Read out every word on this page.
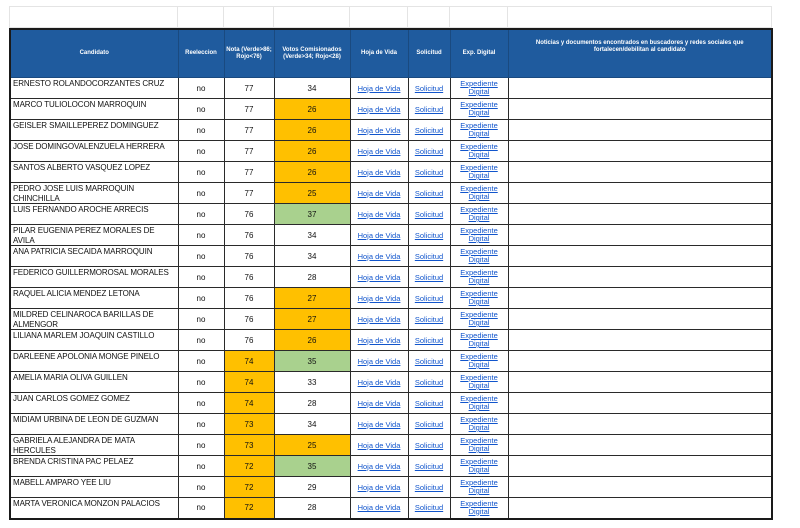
Candidato	Reeleccion	Nota (Verde>86; Rojo<76)	Votos Comisionados (Verde>34; Rojo<28)	Hoja de Vida	Solicitud	Exp. Digital	Noticias y documentos encontrados en buscadores y redes sociales que fortalecen/debilitan al candidato
ERNESTO ROLANDOCORZANTES CRUZ	no	77	34	Hoja de Vida	Solicitud	Expediente Digital	

MARCO TULIOLOCON MARROQUIN	no	77	26	Hoja de Vida	Solicitud	Expediente Digital	

GEISLER SMAILLEPEREZ DOMINGUEZ	no	77	26	Hoja de Vida	Solicitud	Expediente Digital	

JOSE DOMINGOVALENZUELA HERRERA	no	77	26	Hoja de Vida	Solicitud	Expediente Digital	

SANTOS ALBERTO VASQUEZ LOPEZ	no	77	26	Hoja de Vida	Solicitud	Expediente Digital	

PEDRO JOSE LUIS MARROQUIN CHINCHILLA	no	77	25	Hoja de Vida	Solicitud	Expediente Digital	

LUIS FERNANDO AROCHE ARRECIS	no	76	37	Hoja de Vida	Solicitud	Expediente Digital	

PILAR EUGENIA PEREZ MORALES DE AVILA	no	76	34	Hoja de Vida	Solicitud	Expediente Digital	

ANA PATRICIA SECAIDA MARROQUIN	no	76	34	Hoja de Vida	Solicitud	Expediente Digital	

FEDERICO GUILLERMOROSAL MORALES	no	76	28	Hoja de Vida	Solicitud	Expediente Digital	

RAQUEL ALICIA MENDEZ LETONA	no	76	27	Hoja de Vida	Solicitud	Expediente Digital	

MILDRED CELINAROCA BARILLAS DE ALMENGOR	no	76	27	Hoja de Vida	Solicitud	Expediente Digital	

LILIANA MARLEM JOAQUIN CASTILLO	no	76	26	Hoja de Vida	Solicitud	Expediente Digital	

DARLEENE APOLONIA MONGE PINELO	no	74	35	Hoja de Vida	Solicitud	Expediente Digital	

AMELIA MARIA OLIVA GUILLEN	no	74	33	Hoja de Vida	Solicitud	Expediente Digital	

JUAN CARLOS GOMEZ GOMEZ	no	74	28	Hoja de Vida	Solicitud	Expediente Digital	

MIDIAM URBINA DE LEON DE GUZMAN	no	73	34	Hoja de Vida	Solicitud	Expediente Digital	

GABRIELA ALEJANDRA DE MATA HERCULES	no	73	25	Hoja de Vida	Solicitud	Expediente Digital	

BRENDA CRISTINA PAC PELAEZ	no	72	35	Hoja de Vida	Solicitud	Expediente Digital	

MABELL AMPARO YEE LIU	no	72	29	Hoja de Vida	Solicitud	Expediente Digital	

MARTA VERONICA MONZON PALACIOS	no	72	28	Hoja de Vida	Solicitud	Expediente Digital	
